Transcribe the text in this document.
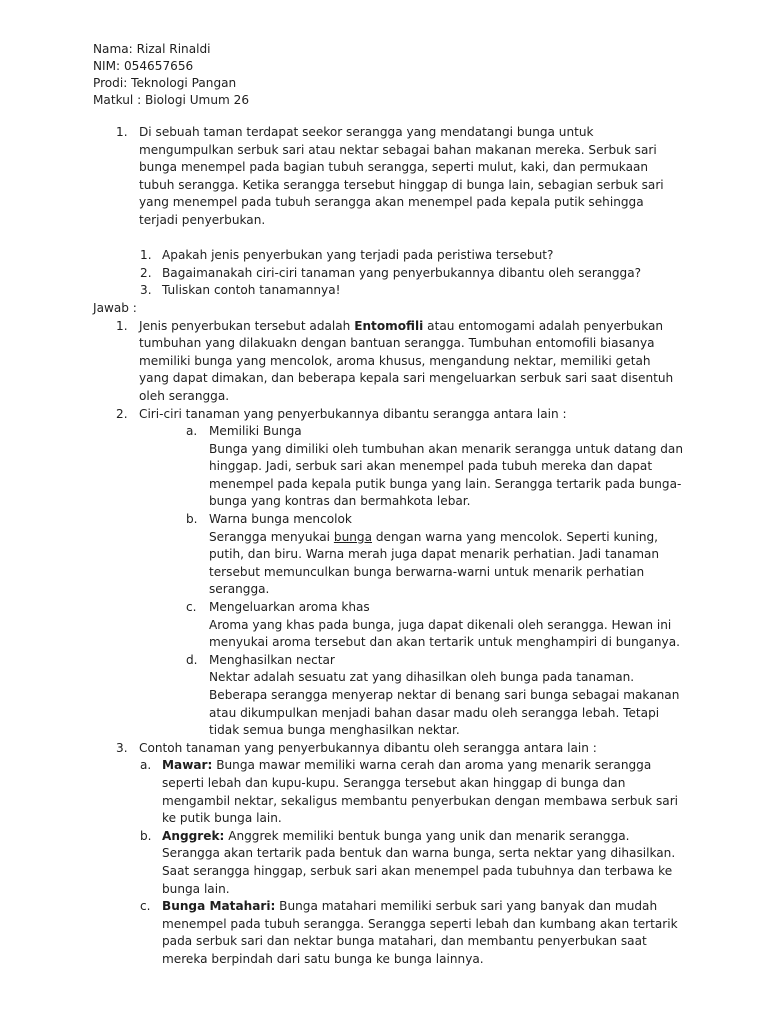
Nama: Rizal Rinaldi
NIM: 054657656
Prodi: Teknologi Pangan
Matkul : Biologi Umum 26
1. Di sebuah taman terdapat seekor serangga yang mendatangi bunga untuk mengumpulkan serbuk sari atau nektar sebagai bahan makanan mereka. Serbuk sari bunga menempel pada bagian tubuh serangga, seperti mulut, kaki, dan permukaan tubuh serangga. Ketika serangga tersebut hinggap di bunga lain, sebagian serbuk sari yang menempel pada tubuh serangga akan menempel pada kepala putik sehingga terjadi penyerbukan.

1. Apakah jenis penyerbukan yang terjadi pada peristiwa tersebut?

2. Bagaimanakah ciri-ciri tanaman yang penyerbukannya dibantu oleh serangga?

3. Tuliskan contoh tanamannya!

Jawab :
1. Jenis penyerbukan tersebut adalah Entomofili atau entomogami adalah penyerbukan tumbuhan yang dilakuakn dengan bantuan serangga. Tumbuhan entomofili biasanya memiliki bunga yang mencolok, aroma khusus, mengandung nektar, memiliki getah yang dapat dimakan, dan beberapa kepala sari mengeluarkan serbuk sari saat disentuh oleh serangga.

2. Ciri-ciri tanaman yang penyerbukannya dibantu serangga antara lain :

a. Memiliki Bunga

Bunga yang dimiliki oleh tumbuhan akan menarik serangga untuk datang dan hinggap. Jadi, serbuk sari akan menempel pada tubuh mereka dan dapat menempel pada kepala putik bunga yang lain. Serangga tertarik pada bunga-bunga yang kontras dan bermahkota lebar.

b. Warna bunga mencolok

Serangga menyukai bunga dengan warna yang mencolok. Seperti kuning, putih, dan biru. Warna merah juga dapat menarik perhatian. Jadi tanaman tersebut memunculkan bunga berwarna-warni untuk menarik perhatian serangga.

c. Mengeluarkan aroma khas

Aroma yang khas pada bunga, juga dapat dikenali oleh serangga. Hewan ini menyukai aroma tersebut dan akan tertarik untuk menghampiri di bunganya.

d. Menghasilkan nectar

Nektar adalah sesuatu zat yang dihasilkan oleh bunga pada tanaman. Beberapa serangga menyerap nektar di benang sari bunga sebagai makanan atau dikumpulkan menjadi bahan dasar madu oleh serangga lebah. Tetapi tidak semua bunga menghasilkan nektar.

3. Contoh tanaman yang penyerbukannya dibantu oleh serangga antara lain :

a. Mawar: Bunga mawar memiliki warna cerah dan aroma yang menarik serangga seperti lebah dan kupu-kupu. Serangga tersebut akan hinggap di bunga dan mengambil nektar, sekaligus membantu penyerbukan dengan membawa serbuk sari ke putik bunga lain.

b. Anggrek: Anggrek memiliki bentuk bunga yang unik dan menarik serangga. Serangga akan tertarik pada bentuk dan warna bunga, serta nektar yang dihasilkan. Saat serangga hinggap, serbuk sari akan menempel pada tubuhnya dan terbawa ke bunga lain.

c. Bunga Matahari: Bunga matahari memiliki serbuk sari yang banyak dan mudah menempel pada tubuh serangga. Serangga seperti lebah dan kumbang akan tertarik pada serbuk sari dan nektar bunga matahari, dan membantu penyerbukan saat mereka berpindah dari satu bunga ke bunga lainnya.
